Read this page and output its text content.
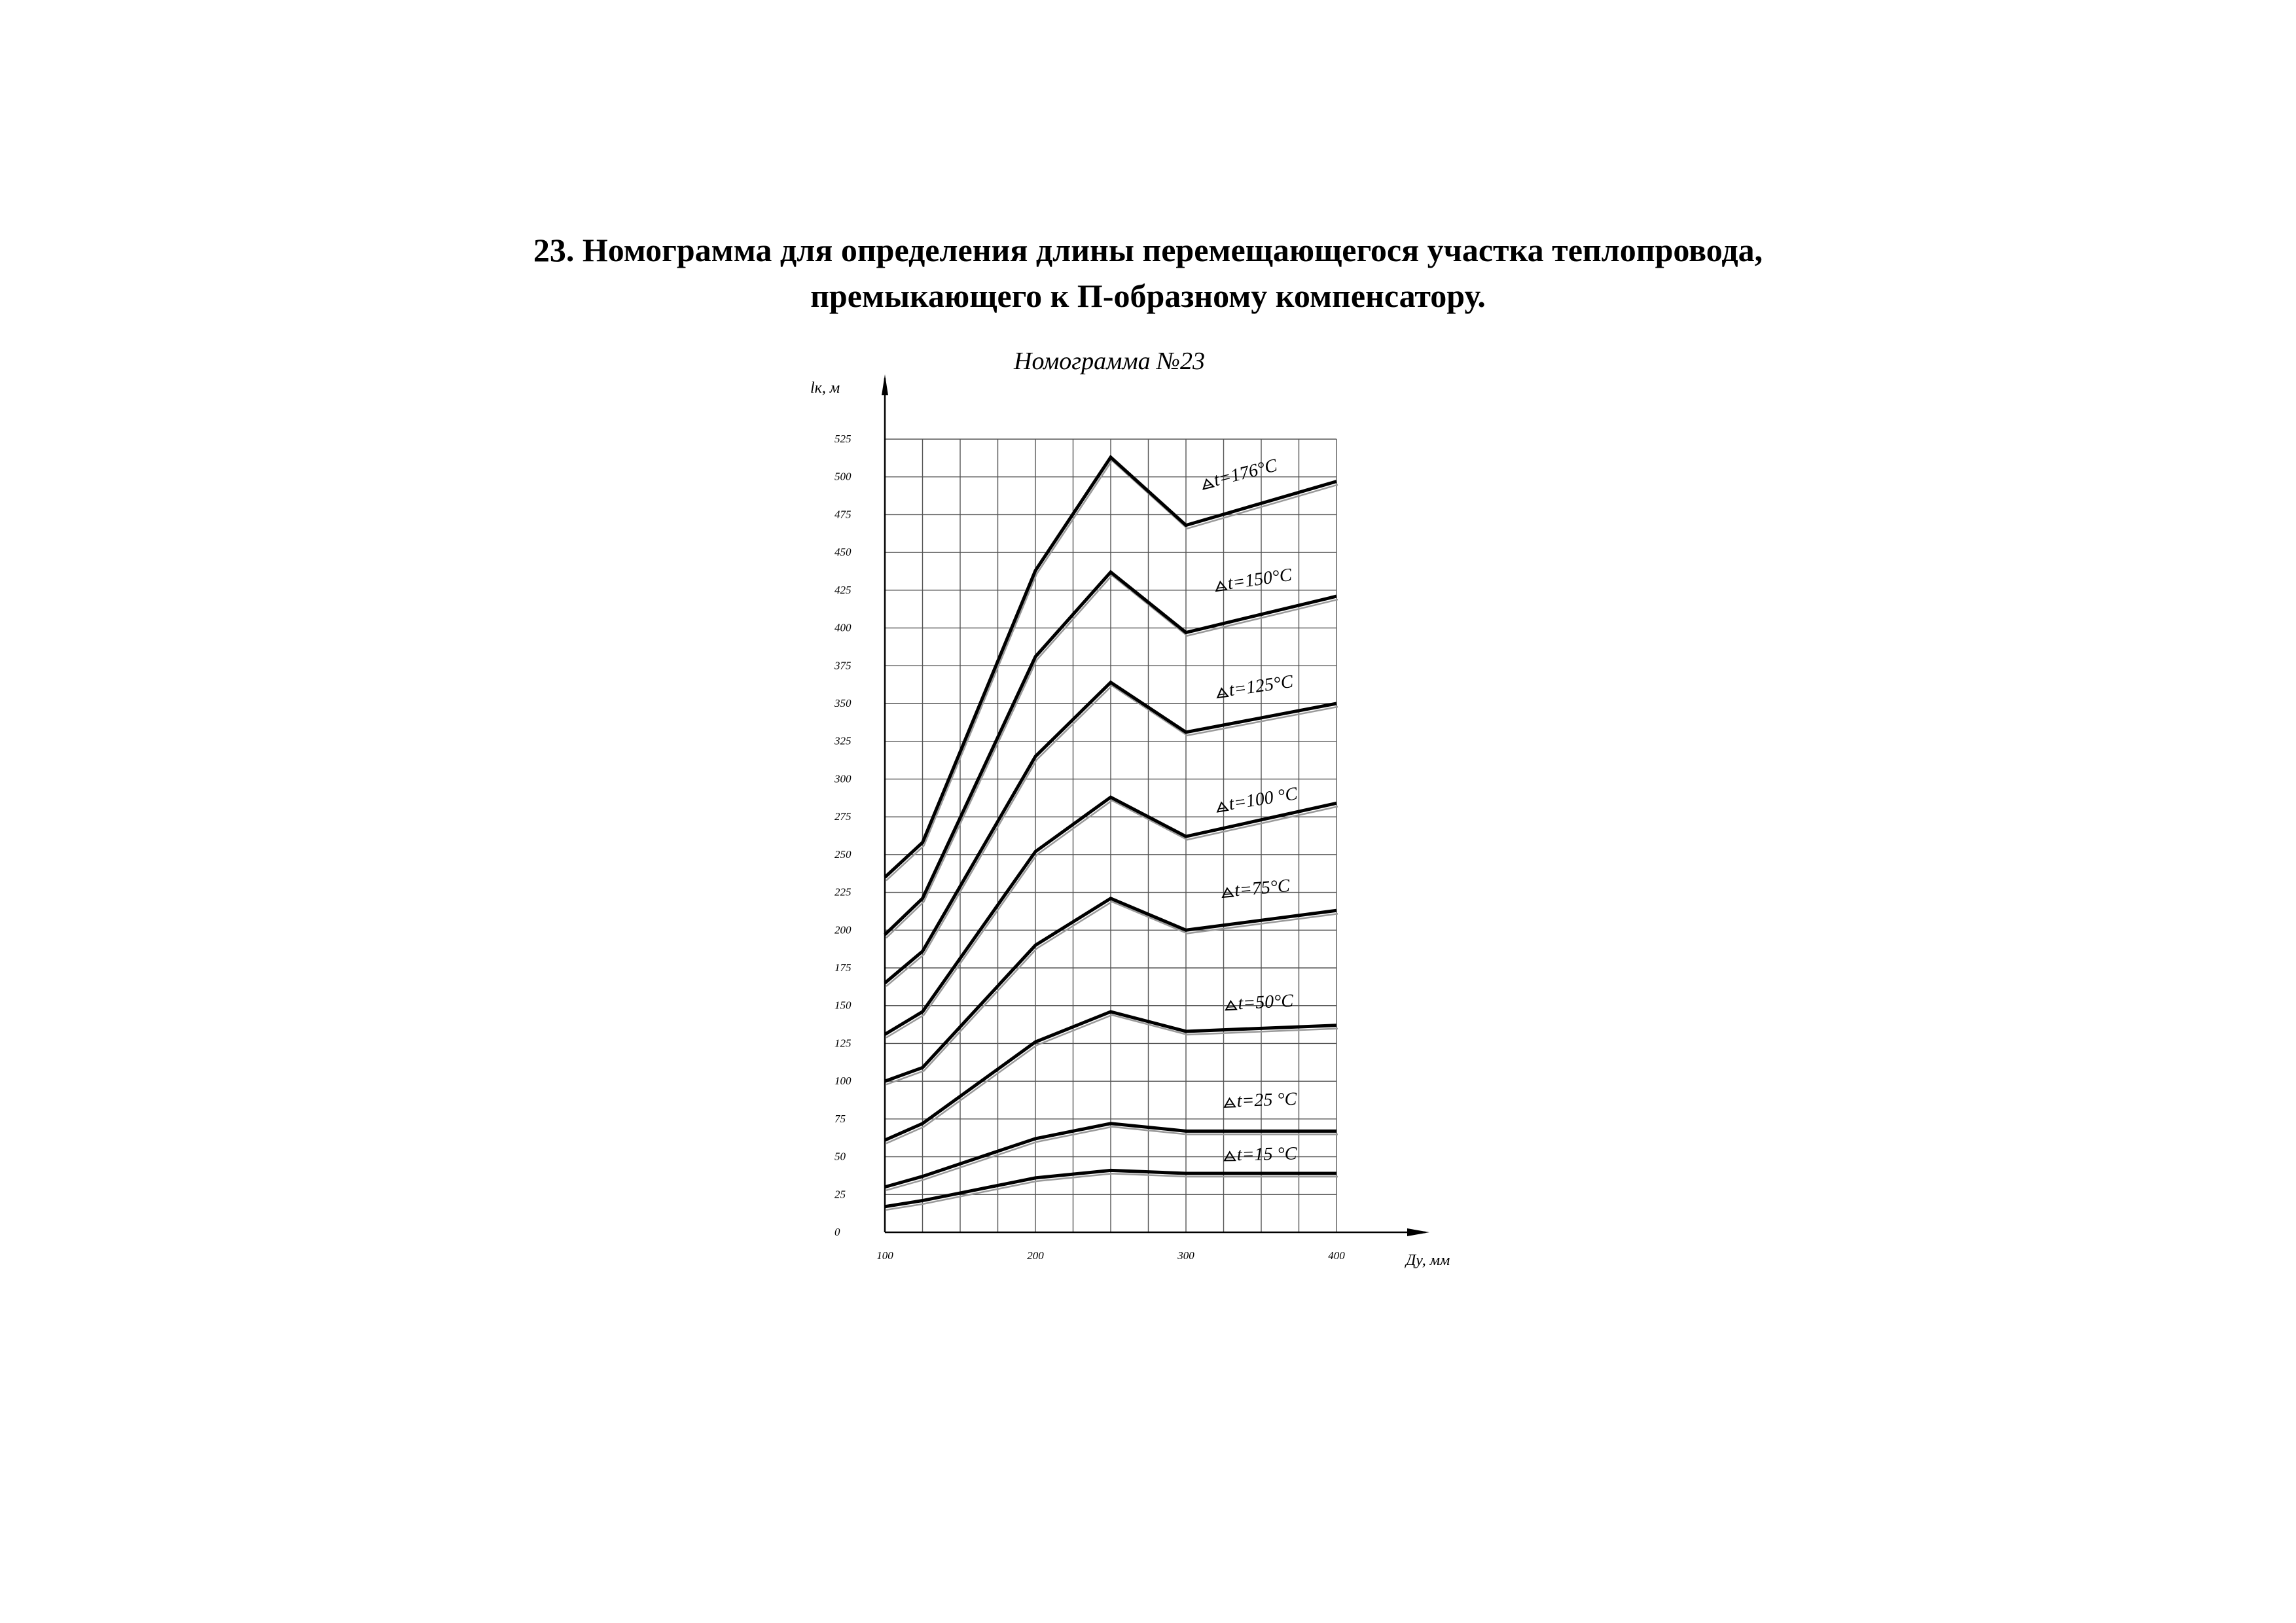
23. Номограмма для определения длины перемещающегося участка теплопровода,
премыкающего к П-образному компенсатору.
0
25
50
75
100
125
150
175
200
225
250
275
300
325
350
375
400
425
450
475
500
525
100	200	300	400
t=176°C
t=150°C
t=125°C
t=100 °C
t=75°C
t=50°C
t=25 °C
t=15 °C
Номограмма №23
lк, м
Ду, мм
